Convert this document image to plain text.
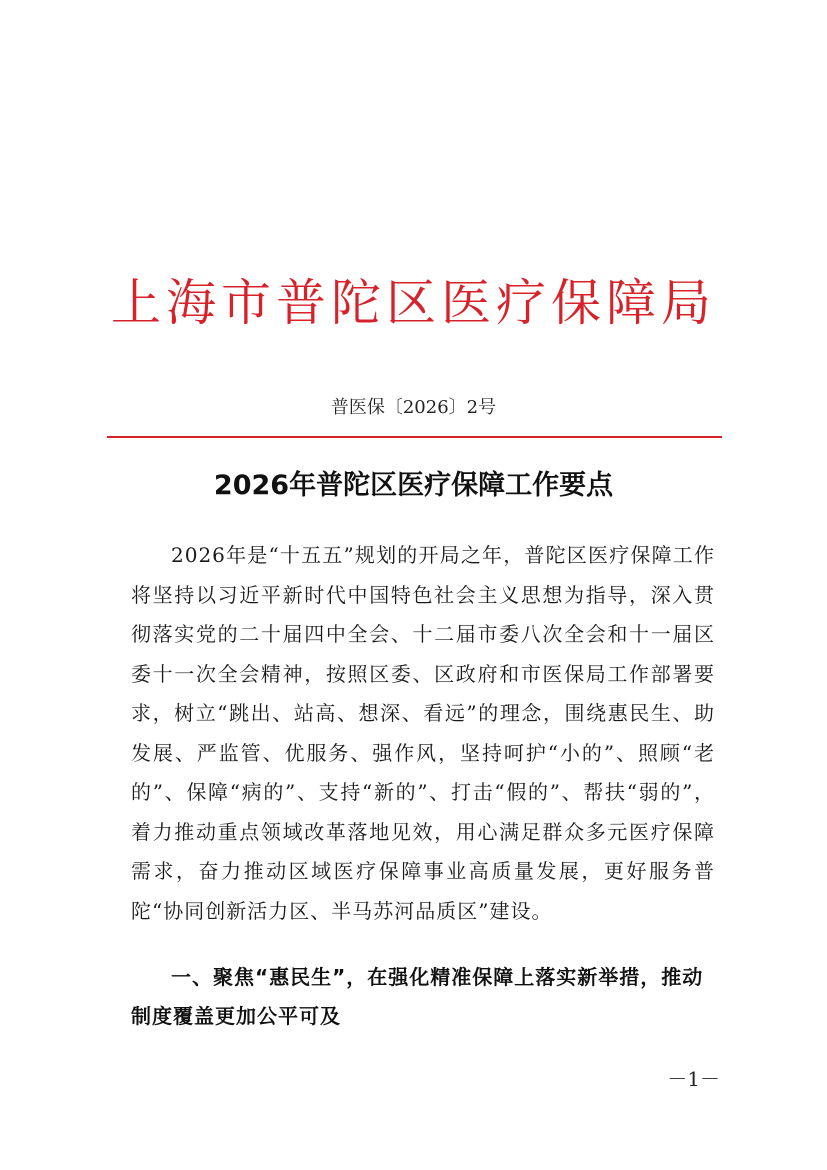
上海市普陀区医疗保障局
普医保〔2026〕2号
2026年普陀区医疗保障工作要点

2026年是“十五五”规划的开局之年，普陀区医疗保障工作将坚持以习近平新时代中国特色社会主义思想为指导，深入贯彻落实党的二十届四中全会、十二届市委八次全会和十一届区委十一次全会精神，按照区委、区政府和市医保局工作部署要求，树立“跳出、站高、想深、看远”的理念，围绕惠民生、助发展、严监管、优服务、强作风，坚持呵护“小的”、照顾“老的”、保障“病的”、支持“新的”、打击“假的”、帮扶“弱的”，着力推动重点领域改革落地见效，用心满足群众多元医疗保障需求，奋力推动区域医疗保障事业高质量发展，更好服务普陀“协同创新活力区、半马苏河品质区”建设。

一、聚焦“惠民生”，在强化精准保障上落实新举措，推动制度覆盖更加公平可及

－1－
